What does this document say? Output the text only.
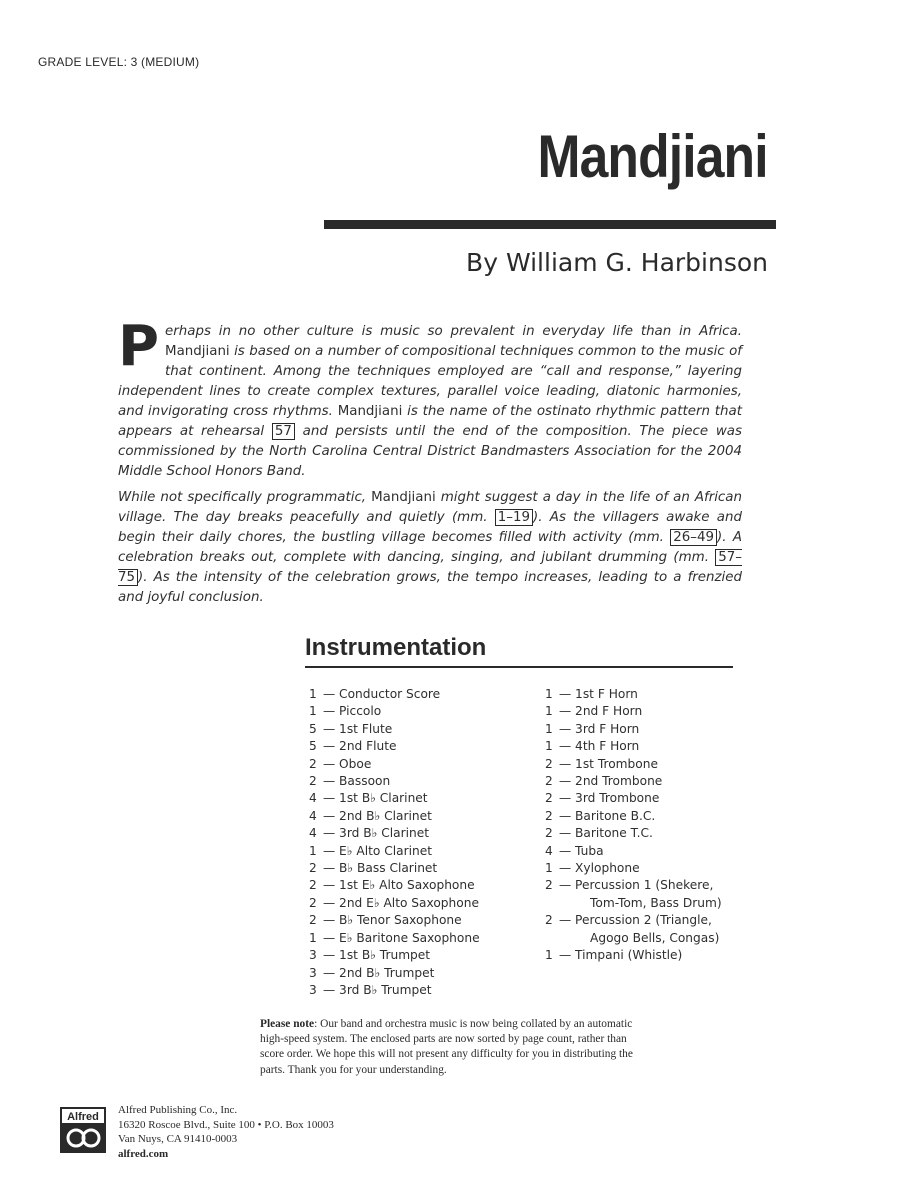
GRADE LEVEL: 3 (MEDIUM)
Mandjiani
By William G. Harbinson
Perhaps in no other culture is music so prevalent in everyday life than in Africa. Mandjiani is based on a number of compositional techniques common to the music of that continent. Among the techniques employed are “call and response,” layering independent lines to create complex textures, parallel voice leading, diatonic harmonies, and invigorating cross rhythms. Mandjiani is the name of the ostinato rhythmic pattern that appears at rehearsal 57 and persists until the end of the composition. The piece was commissioned by the North Carolina Central District Bandmasters Association for the 2004 Middle School Honors Band.
While not specifically programmatic, Mandjiani might suggest a day in the life of an African village. The day breaks peacefully and quietly (mm. 1–19 ). As the villagers awake and begin their daily chores, the bustling village becomes filled with activity (mm. 26–49 ). A celebration breaks out, complete with dancing, singing, and jubilant drumming (mm. 57–75 ). As the intensity of the celebration grows, the tempo increases, leading to a frenzied and joyful conclusion.
Instrumentation
1 — Conductor Score
1 — Piccolo
5 — 1st Flute
5 — 2nd Flute
2 — Oboe
2 — Bassoon
4 — 1st B♭ Clarinet
4 — 2nd B♭ Clarinet
4 — 3rd B♭ Clarinet
1 — E♭ Alto Clarinet
2 — B♭ Bass Clarinet
2 — 1st E♭ Alto Saxophone
2 — 2nd E♭ Alto Saxophone
2 — B♭ Tenor Saxophone
1 — E♭ Baritone Saxophone
3 — 1st B♭ Trumpet
3 — 2nd B♭ Trumpet
3 — 3rd B♭ Trumpet
1 — 1st F Horn
1 — 2nd F Horn
1 — 3rd F Horn
1 — 4th F Horn
2 — 1st Trombone
2 — 2nd Trombone
2 — 3rd Trombone
2 — Baritone B.C.
2 — Baritone T.C.
4 — Tuba
1 — Xylophone
2 — Percussion 1 (Shekere,
Tom-Tom, Bass Drum)
2 — Percussion 2 (Triangle,
Agogo Bells, Congas)
1 — Timpani (Whistle)
Please note: Our band and orchestra music is now being collated by an automatic high-speed system. The enclosed parts are now sorted by page count, rather than score order. We hope this will not present any difficulty for you in distributing the parts. Thank you for your understanding.
Alfred
Alfred Publishing Co., Inc.
16320 Roscoe Blvd., Suite 100 • P.O. Box 10003
Van Nuys, CA 91410-0003
alfred.com
